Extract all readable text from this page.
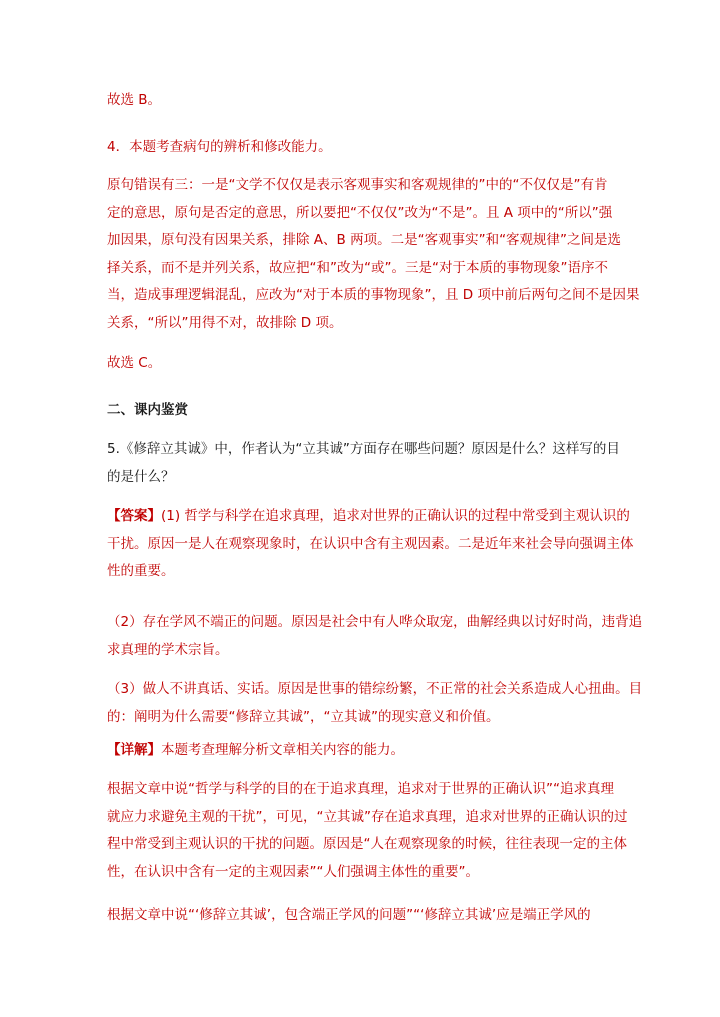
故选 B。
4．本题考查病句的辨析和修改能力。
原句错误有三：一是“文学不仅仅是表示客观事实和客观规律的”中的“不仅仅是”有肯
定的意思，原句是否定的意思，所以要把“不仅仅”改为“不是”。且 A 项中的“所以”强
加因果，原句没有因果关系，排除 A、B 两项。二是“客观事实”和“客观规律”之间是选
择关系，而不是并列关系，故应把“和”改为“或”。三是“对于本质的事物现象”语序不
当，造成事理逻辑混乱，应改为“对于本质的事物现象”，且 D 项中前后两句之间不是因果
关系，“所以”用得不对，故排除 D 项。
故选 C。
二、课内鉴赏
5.《修辞立其诚》中，作者认为“立其诚”方面存在哪些问题？原因是什么？这样写的目
的是什么？
【答案】(1) 哲学与科学在追求真理，追求对世界的正确认识的过程中常受到主观认识的
干扰。原因一是人在观察现象时，在认识中含有主观因素。二是近年来社会导向强调主体
性的重要。
（2）存在学风不端正的问题。原因是社会中有人哗众取宠，曲解经典以讨好时尚，违背追
求真理的学术宗旨。
（3）做人不讲真话、实话。原因是世事的错综纷繁，不正常的社会关系造成人心扭曲。目
的：阐明为什么需要“修辞立其诚”，“立其诚”的现实意义和价值。
【详解】本题考查理解分析文章相关内容的能力。
根据文章中说“哲学与科学的目的在于追求真理，追求对于世界的正确认识”“追求真理
就应力求避免主观的干扰”，可见，“立其诚”存在追求真理，追求对世界的正确认识的过
程中常受到主观认识的干扰的问题。原因是“人在观察现象的时候，往往表现一定的主体
性，在认识中含有一定的主观因素”“人们强调主体性的重要”。
根据文章中说“‘修辞立其诚’，包含端正学风的问题”“‘修辞立其诚’应是端正学风的
